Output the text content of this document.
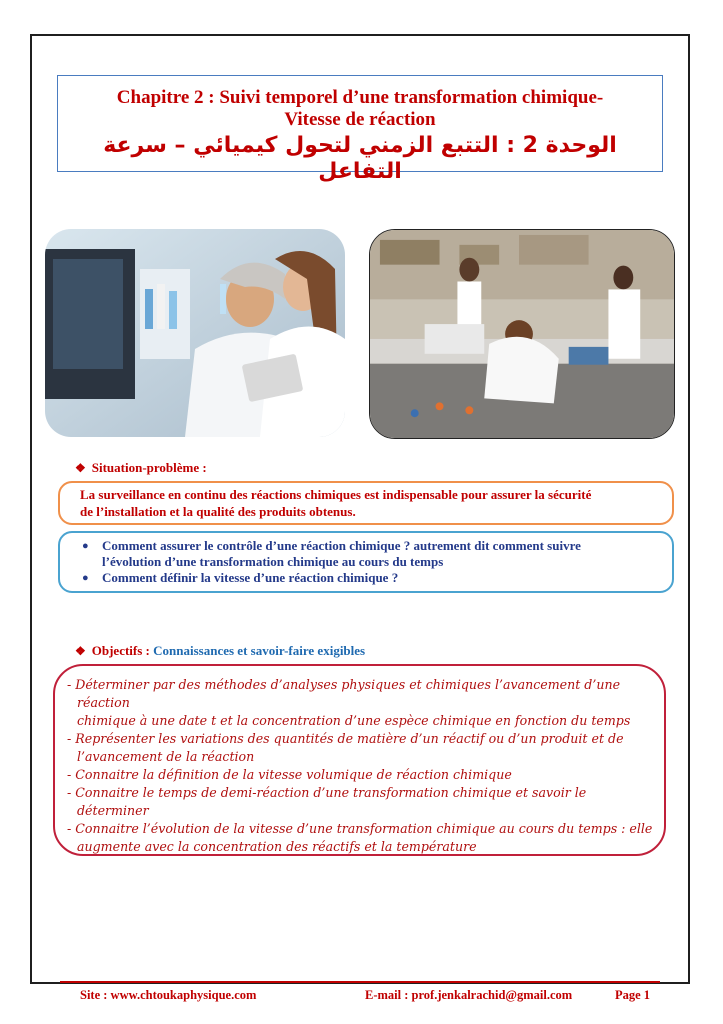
Chapitre 2 : Suivi temporel d’une transformation chimique-
Vitesse de réaction
الوحدة 2 : التتبع الزمني لتحول كيميائي – سرعة التفاعل
❖ Situation-problème :
La surveillance en continu des réactions chimiques est indispensable pour assurer la sécurité
de l’installation et la qualité des produits obtenus.
●	Comment assurer le contrôle d’une réaction chimique ? autrement dit comment suivre
l’évolution d’une transformation chimique au cours du temps
●	Comment définir la vitesse d’une réaction chimique ?
❖ Objectifs : Connaissances et savoir-faire exigibles
- Déterminer par des méthodes d’analyses physiques et chimiques l’avancement d’une réaction
chimique à une date t et la concentration d’une espèce chimique en fonction du temps
- Représenter les variations des quantités de matière d’un réactif ou d’un produit et de
l’avancement de la réaction
- Connaitre la définition de la vitesse volumique de réaction chimique
- Connaitre le temps de demi-réaction d’une transformation chimique et savoir le déterminer
- Connaitre l’évolution de la vitesse d’une transformation chimique au cours du temps : elle
augmente avec la concentration des réactifs et la température
Site : www.chtoukaphysique.com	E-mail : prof.jenkalrachid@gmail.com	Page 1
